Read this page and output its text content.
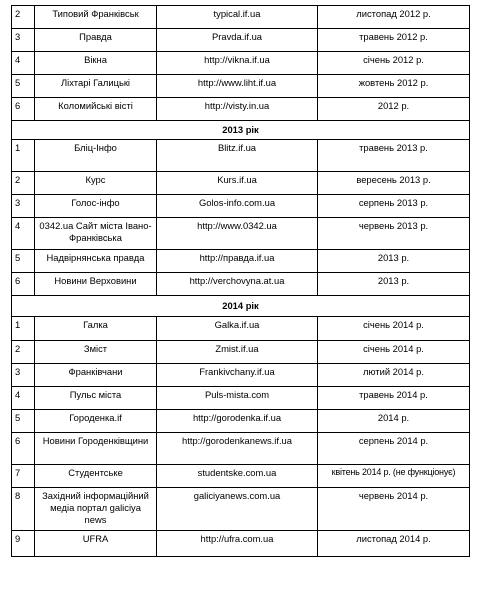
2	Типовий Франківськ	typical.if.ua	листопад 2012 р.
3	Правда	Pravda.if.ua	травень 2012 р.
4	Вікна	http://vikna.if.ua	січень 2012 р.
5	Ліхтарі Галицькі	http://www.liht.if.ua	жовтень 2012 р.
6	Коломийські вісті	http://visty.in.ua	2012 р.
2013 рік			
1	Бліц-Інфо	Blitz.if.ua	травень 2013 р.
2	Курс	Kurs.if.ua	вересень 2013 р.
3	Голос-інфо	Golos-info.com.ua	серпень 2013 р.
4	0342.ua Сайт міста Івано-Франківська	http://www.0342.ua	червень 2013 р.
5	Надвірнянська правда	http://правда.if.ua	2013 р.
6	Новини Верховини	http://verchovyna.at.ua	2013 р.
2014 рік			
1	Галка	Galka.if.ua	січень 2014 р.
2	Зміст	Zmist.if.ua	січень 2014 р.
3	Франківчани	Frankivchany.if.ua	лютий 2014 р.
4	Пульс міста	Puls-mista.com	травень 2014 р.
5	Городенка.if	http://gorodenka.if.ua	2014 р.
6	Новини Городенківщини	http://gorodenkanews.if.ua	серпень 2014 р.
7	Студентське	studentske.com.ua	квітень 2014 р. (не функціонує)
8	Західний інформаційний медіа портал galiciya news	galiciyanews.com.ua	червень 2014 р.
9	UFRA	http://ufra.com.ua	листопад 2014 р.
